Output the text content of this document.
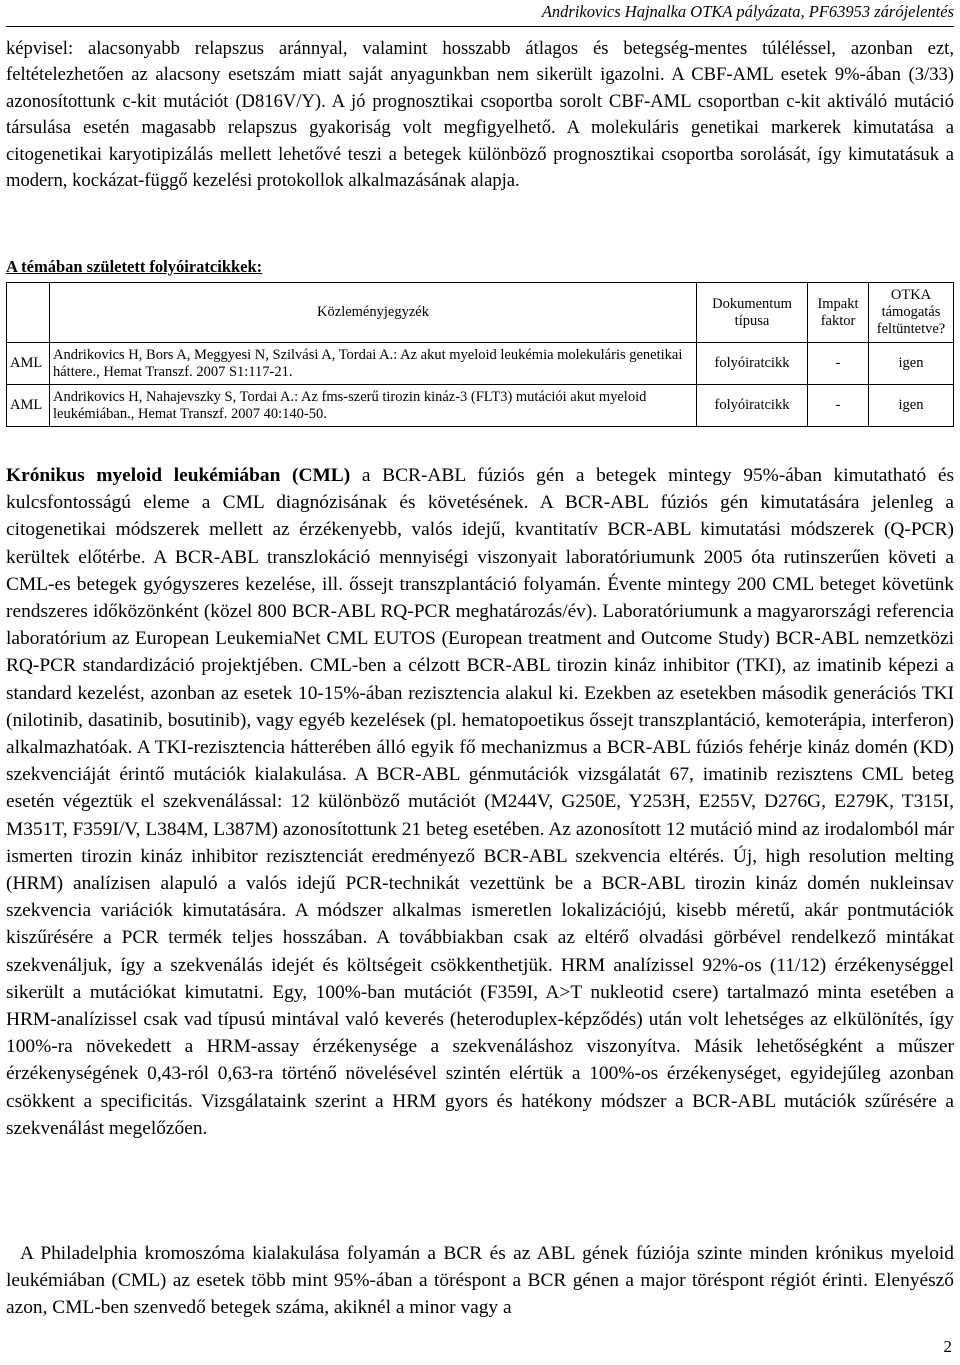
Andrikovics Hajnalka OTKA pályázata, PF63953 zárójelentés

képvisel: alacsonyabb relapszus aránnyal, valamint hosszabb átlagos és betegség-mentes túléléssel, azonban ezt, feltételezhetően az alacsony esetszám miatt saját anyagunkban nem sikerült igazolni. A CBF-AML esetek 9%-ában (3/33) azonosítottunk c-kit mutációt (D816V/Y). A jó prognosztikai csoportba sorolt CBF-AML csoportban c-kit aktiváló mutáció társulása esetén magasabb relapszus gyakoriság volt megfigyelhető. A molekuláris genetikai markerek kimutatása a citogenetikai karyotipizálás mellett lehetővé teszi a betegek különböző prognosztikai csoportba sorolását, így kimutatásuk a modern, kockázat-függő kezelési protokollok alkalmazásának alapja.

A témában született folyóiratcikkek:

	Közleményjegyzék	Dokumentum típusa	Impakt faktor	OTKA támogatás feltüntetve?
AML	Andrikovics H, Bors A, Meggyesi N, Szilvási A, Tordai A.: Az akut myeloid leukémia molekuláris genetikai háttere., Hemat Transzf. 2007 S1:117-21.	folyóiratcikk	-	igen
AML	Andrikovics H, Nahajevszky S, Tordai A.: Az fms-szerű tirozin kináz-3 (FLT3) mutációi akut myeloid leukémiában., Hemat Transzf. 2007 40:140-50.	folyóiratcikk	-	igen

Krónikus myeloid leukémiában (CML) a BCR-ABL fúziós gén a betegek mintegy 95%-ában kimutatható és kulcsfontosságú eleme a CML diagnózisának és követésének. A BCR-ABL fúziós gén kimutatására jelenleg a citogenetikai módszerek mellett az érzékenyebb, valós idejű, kvantitatív BCR-ABL kimutatási módszerek (Q-PCR) kerültek előtérbe. A BCR-ABL transzlokáció mennyiségi viszonyait laboratóriumunk 2005 óta rutinszerűen követi a CML-es betegek gyógyszeres kezelése, ill. őssejt transzplantáció folyamán. Évente mintegy 200 CML beteget követünk rendszeres időközönként (közel 800 BCR-ABL RQ-PCR meghatározás/év). Laboratóriumunk a magyarországi referencia laboratórium az European LeukemiaNet CML EUTOS (European treatment and Outcome Study) BCR-ABL nemzetközi RQ-PCR standardizáció projektjében. CML-ben a célzott BCR-ABL tirozin kináz inhibitor (TKI), az imatinib képezi a standard kezelést, azonban az esetek 10-15%-ában rezisztencia alakul ki. Ezekben az esetekben második generációs TKI (nilotinib, dasatinib, bosutinib), vagy egyéb kezelések (pl. hematopoetikus őssejt transzplantáció, kemoterápia, interferon) alkalmazhatóak. A TKI-rezisztencia hátterében álló egyik fő mechanizmus a BCR-ABL fúziós fehérje kináz domén (KD) szekvenciáját érintő mutációk kialakulása. A BCR-ABL génmutációk vizsgálatát 67, imatinib rezisztens CML beteg esetén végeztük el szekvenálással: 12 különböző mutációt (M244V, G250E, Y253H, E255V, D276G, E279K, T315I, M351T, F359I/V, L384M, L387M) azonosítottunk 21 beteg esetében. Az azonosított 12 mutáció mind az irodalomból már ismerten tirozin kináz inhibitor rezisztenciát eredményező BCR-ABL szekvencia eltérés. Új, high resolution melting (HRM) analízisen alapuló a valós idejű PCR-technikát vezettünk be a BCR-ABL tirozin kináz domén nukleinsav szekvencia variációk kimutatására. A módszer alkalmas ismeretlen lokalizációjú, kisebb méretű, akár pontmutációk kiszűrésére a PCR termék teljes hosszában. A továbbiakban csak az eltérő olvadási görbével rendelkező mintákat szekvenáljuk, így a szekvenálás idejét és költségeit csökkenthetjük. HRM analízissel 92%-os (11/12) érzékenységgel sikerült a mutációkat kimutatni. Egy, 100%-ban mutációt (F359I, A>T nukleotid csere) tartalmazó minta esetében a HRM-analízissel csak vad típusú mintával való keverés (heteroduplex-képződés) után volt lehetséges az elkülönítés, így 100%-ra növekedett a HRM-assay érzékenysége a szekvenáláshoz viszonyítva. Másik lehetőségként a műszer érzékenységének 0,43-ról 0,63-ra történő növelésével szintén elértük a 100%-os érzékenységet, egyidejűleg azonban csökkent a specificitás. Vizsgálataink szerint a HRM gyors és hatékony módszer a BCR-ABL mutációk szűrésére a szekvenálást megelőzően.

A Philadelphia kromoszóma kialakulása folyamán a BCR és az ABL gének fúziója szinte minden krónikus myeloid leukémiában (CML) az esetek több mint 95%-ában a töréspont a BCR génen a major töréspont régiót érinti. Elenyésző azon, CML-ben szenvedő betegek száma, akiknél a minor vagy a

2
